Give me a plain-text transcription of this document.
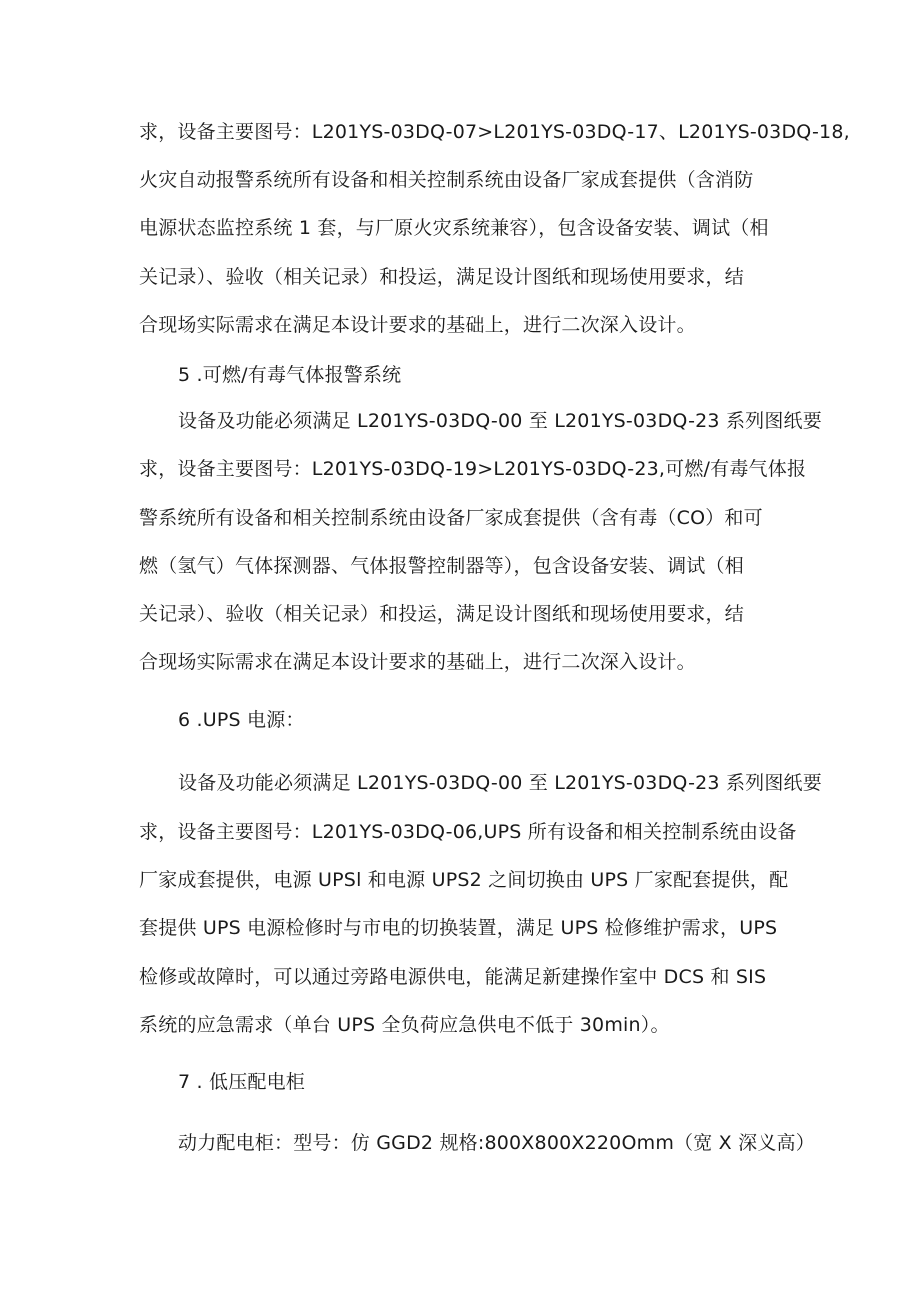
求，设备主要图号：L201YS-03DQ-07>L201YS-03DQ-17、L201YS-03DQ-18,
火灾自动报警系统所有设备和相关控制系统由设备厂家成套提供（含消防
电源状态监控系统 1 套，与厂原火灾系统兼容），包含设备安装、调试（相
关记录）、验收（相关记录）和投运，满足设计图纸和现场使用要求，结
合现场实际需求在满足本设计要求的基础上，进行二次深入设计。
5 .可燃/有毒气体报警系统
设备及功能必须满足 L201YS-03DQ-00 至 L201YS-03DQ-23 系列图纸要
求，设备主要图号：L201YS-03DQ-19>L201YS-03DQ-23,可燃/有毒气体报
警系统所有设备和相关控制系统由设备厂家成套提供（含有毒（CO）和可
燃（氢气）气体探测器、气体报警控制器等），包含设备安装、调试（相
关记录）、验收（相关记录）和投运，满足设计图纸和现场使用要求，结
合现场实际需求在满足本设计要求的基础上，进行二次深入设计。
6 .UPS 电源：
设备及功能必须满足 L201YS-03DQ-00 至 L201YS-03DQ-23 系列图纸要
求，设备主要图号：L201YS-03DQ-06,UPS 所有设备和相关控制系统由设备
厂家成套提供，电源 UPSl 和电源 UPS2 之间切换由 UPS 厂家配套提供，配
套提供 UPS 电源检修时与市电的切换装置，满足 UPS 检修维护需求，UPS
检修或故障时，可以通过旁路电源供电，能满足新建操作室中 DCS 和 SIS
系统的应急需求（单台 UPS 全负荷应急供电不低于 30min）。
7 . 低压配电柜
动力配电柜：型号：仿 GGD2 规格:800X800X220Omm（宽 X 深义高）
